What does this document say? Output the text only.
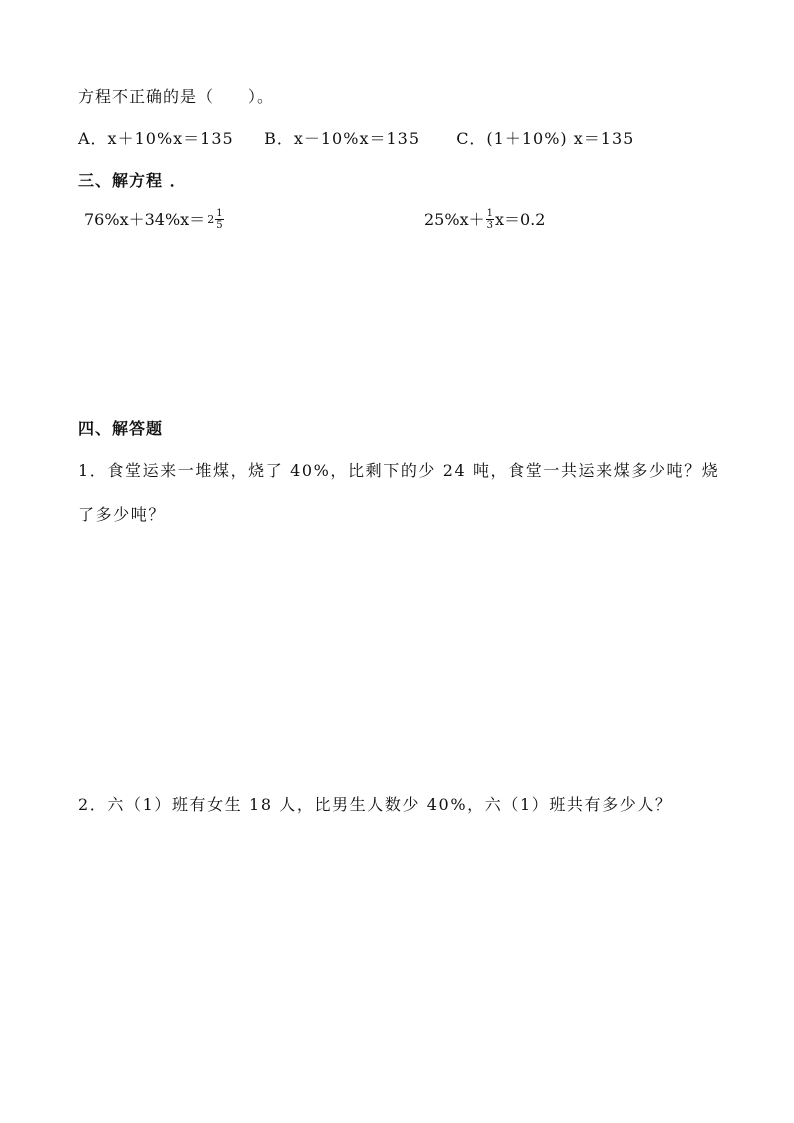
方程不正确的是（　　）。
A．x＋10%x＝135 B．x－10%x＝135 C．(1＋10%) x＝135
三、解方程 ．
$76\%x+34\%x= 2 \frac{1}{5}$	$25\%x+ \frac{1}{3} x=0.2$
四、解答题
1．食堂运来一堆煤，烧了 40%，比剩下的少 24 吨，食堂一共运来煤多少吨？烧
了多少吨？
2．六（1）班有女生 18 人，比男生人数少 40%，六（1）班共有多少人？
